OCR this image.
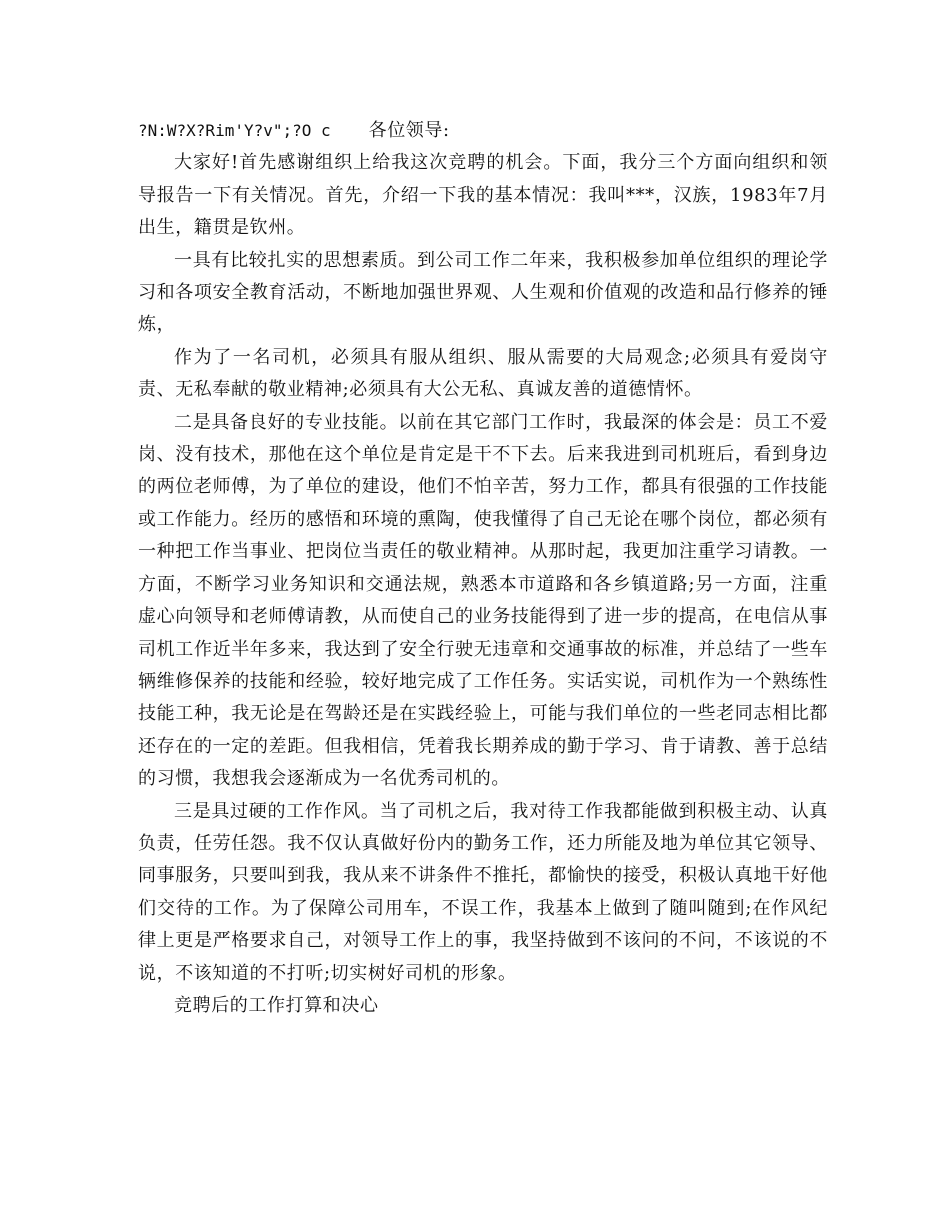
?N:W?X?Rim'Y?v";?O c 各位领导:

大家好!首先感谢组织上给我这次竞聘的机会。下面，我分三个方面向组织和领导报告一下有关情况。首先，介绍一下我的基本情况：我叫***，汉族，1983年7月出生，籍贯是钦州。

一具有比较扎实的思想素质。到公司工作二年来，我积极参加单位组织的理论学习和各项安全教育活动，不断地加强世界观、人生观和价值观的改造和品行修养的锤炼，

作为了一名司机，必须具有服从组织、服从需要的大局观念;必须具有爱岗守责、无私奉献的敬业精神;必须具有大公无私、真诚友善的道德情怀。

二是具备良好的专业技能。以前在其它部门工作时，我最深的体会是：员工不爱岗、没有技术，那他在这个单位是肯定是干不下去。后来我进到司机班后，看到身边的两位老师傅，为了单位的建设，他们不怕辛苦，努力工作，都具有很强的工作技能或工作能力。经历的感悟和环境的熏陶，使我懂得了自己无论在哪个岗位，都必须有一种把工作当事业、把岗位当责任的敬业精神。从那时起，我更加注重学习请教。一方面，不断学习业务知识和交通法规，熟悉本市道路和各乡镇道路;另一方面，注重虚心向领导和老师傅请教，从而使自己的业务技能得到了进一步的提高，在电信从事司机工作近半年多来，我达到了安全行驶无违章和交通事故的标准，并总结了一些车辆维修保养的技能和经验，较好地完成了工作任务。实话实说，司机作为一个熟练性技能工种，我无论是在驾龄还是在实践经验上，可能与我们单位的一些老同志相比都还存在的一定的差距。但我相信，凭着我长期养成的勤于学习、肯于请教、善于总结的习惯，我想我会逐渐成为一名优秀司机的。

三是具过硬的工作作风。当了司机之后，我对待工作我都能做到积极主动、认真负责，任劳任怨。我不仅认真做好份内的勤务工作，还力所能及地为单位其它领导、同事服务，只要叫到我，我从来不讲条件不推托，都愉快的接受，积极认真地干好他们交待的工作。为了保障公司用车，不误工作，我基本上做到了随叫随到;在作风纪律上更是严格要求自己，对领导工作上的事，我坚持做到不该问的不问，不该说的不说，不该知道的不打听;切实树好司机的形象。

竞聘后的工作打算和决心
